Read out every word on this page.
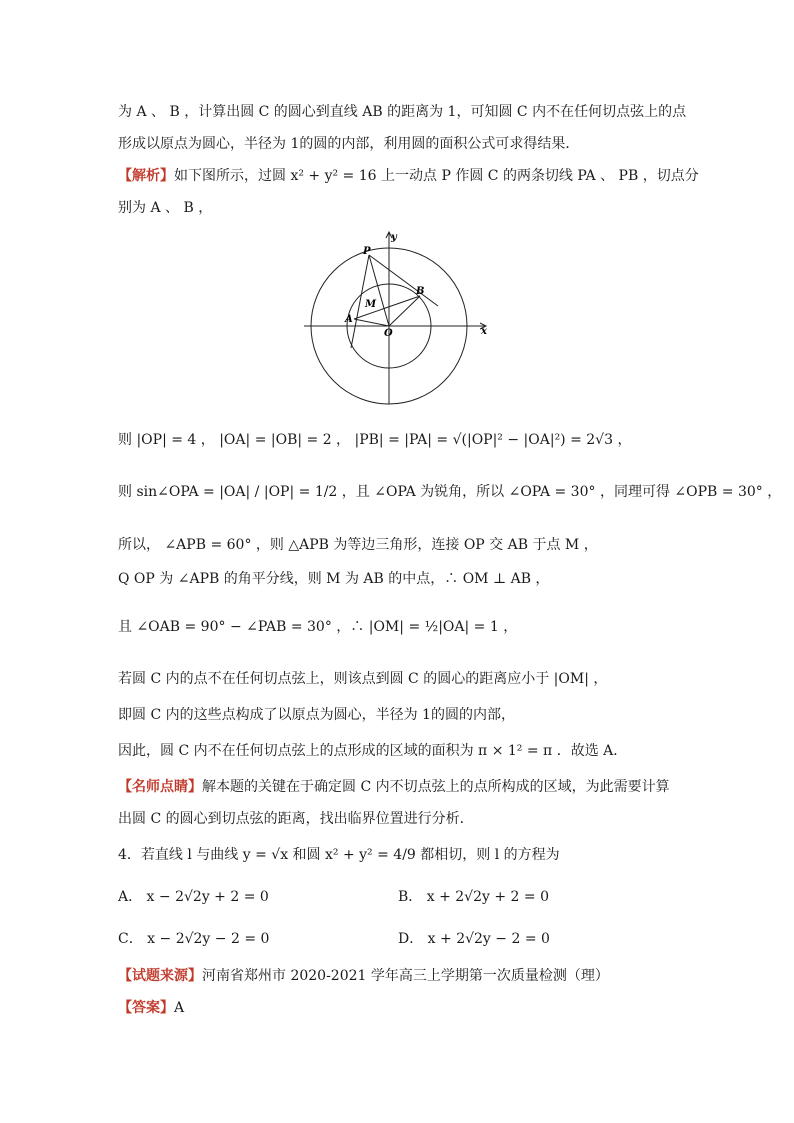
为 A 、 B ，计算出圆 C 的圆心到直线 AB 的距离为 1，可知圆 C 内不在任何切点弦上的点
形成以原点为圆心，半径为 1的圆的内部，利用圆的面积公式可求得结果．
【解析】如下图所示，过圆 x² + y² = 16 上一动点 P 作圆 C 的两条切线 PA 、 PB ，切点分
别为 A 、 B ，
P
A
B
M
O	x
y
则 |OP| = 4 ， |OA| = |OB| = 2 ， |PB| = |PA| = √(|OP|² − |OA|²) = 2√3 ，
则 sin∠OPA = |OA| / |OP| = 1/2 ，且 ∠OPA 为锐角，所以 ∠OPA = 30° ，同理可得 ∠OPB = 30° ，
所以， ∠APB = 60° ，则 △APB 为等边三角形，连接 OP 交 AB 于点 M ，
Q OP 为 ∠APB 的角平分线，则 M 为 AB 的中点，∴ OM ⊥ AB ，
且 ∠OAB = 90° − ∠PAB = 30° ，∴ |OM| = ½|OA| = 1 ，
若圆 C 内的点不在任何切点弦上，则该点到圆 C 的圆心的距离应小于 |OM| ，
即圆 C 内的这些点构成了以原点为圆心，半径为 1的圆的内部，
因此，圆 C 内不在任何切点弦上的点形成的区域的面积为 π × 1² = π ．故选 A．
【名师点睛】解本题的关键在于确定圆 C 内不切点弦上的点所构成的区域，为此需要计算
出圆 C 的圆心到切点弦的距离，找出临界位置进行分析．
4．若直线 l 与曲线 y = √x 和圆 x² + y² = 4/9 都相切，则 l 的方程为
A． x − 2√2y + 2 = 0	B． x + 2√2y + 2 = 0
C． x − 2√2y − 2 = 0	D． x + 2√2y − 2 = 0
【试题来源】河南省郑州市 2020-2021 学年高三上学期第一次质量检测（理）
【答案】A
